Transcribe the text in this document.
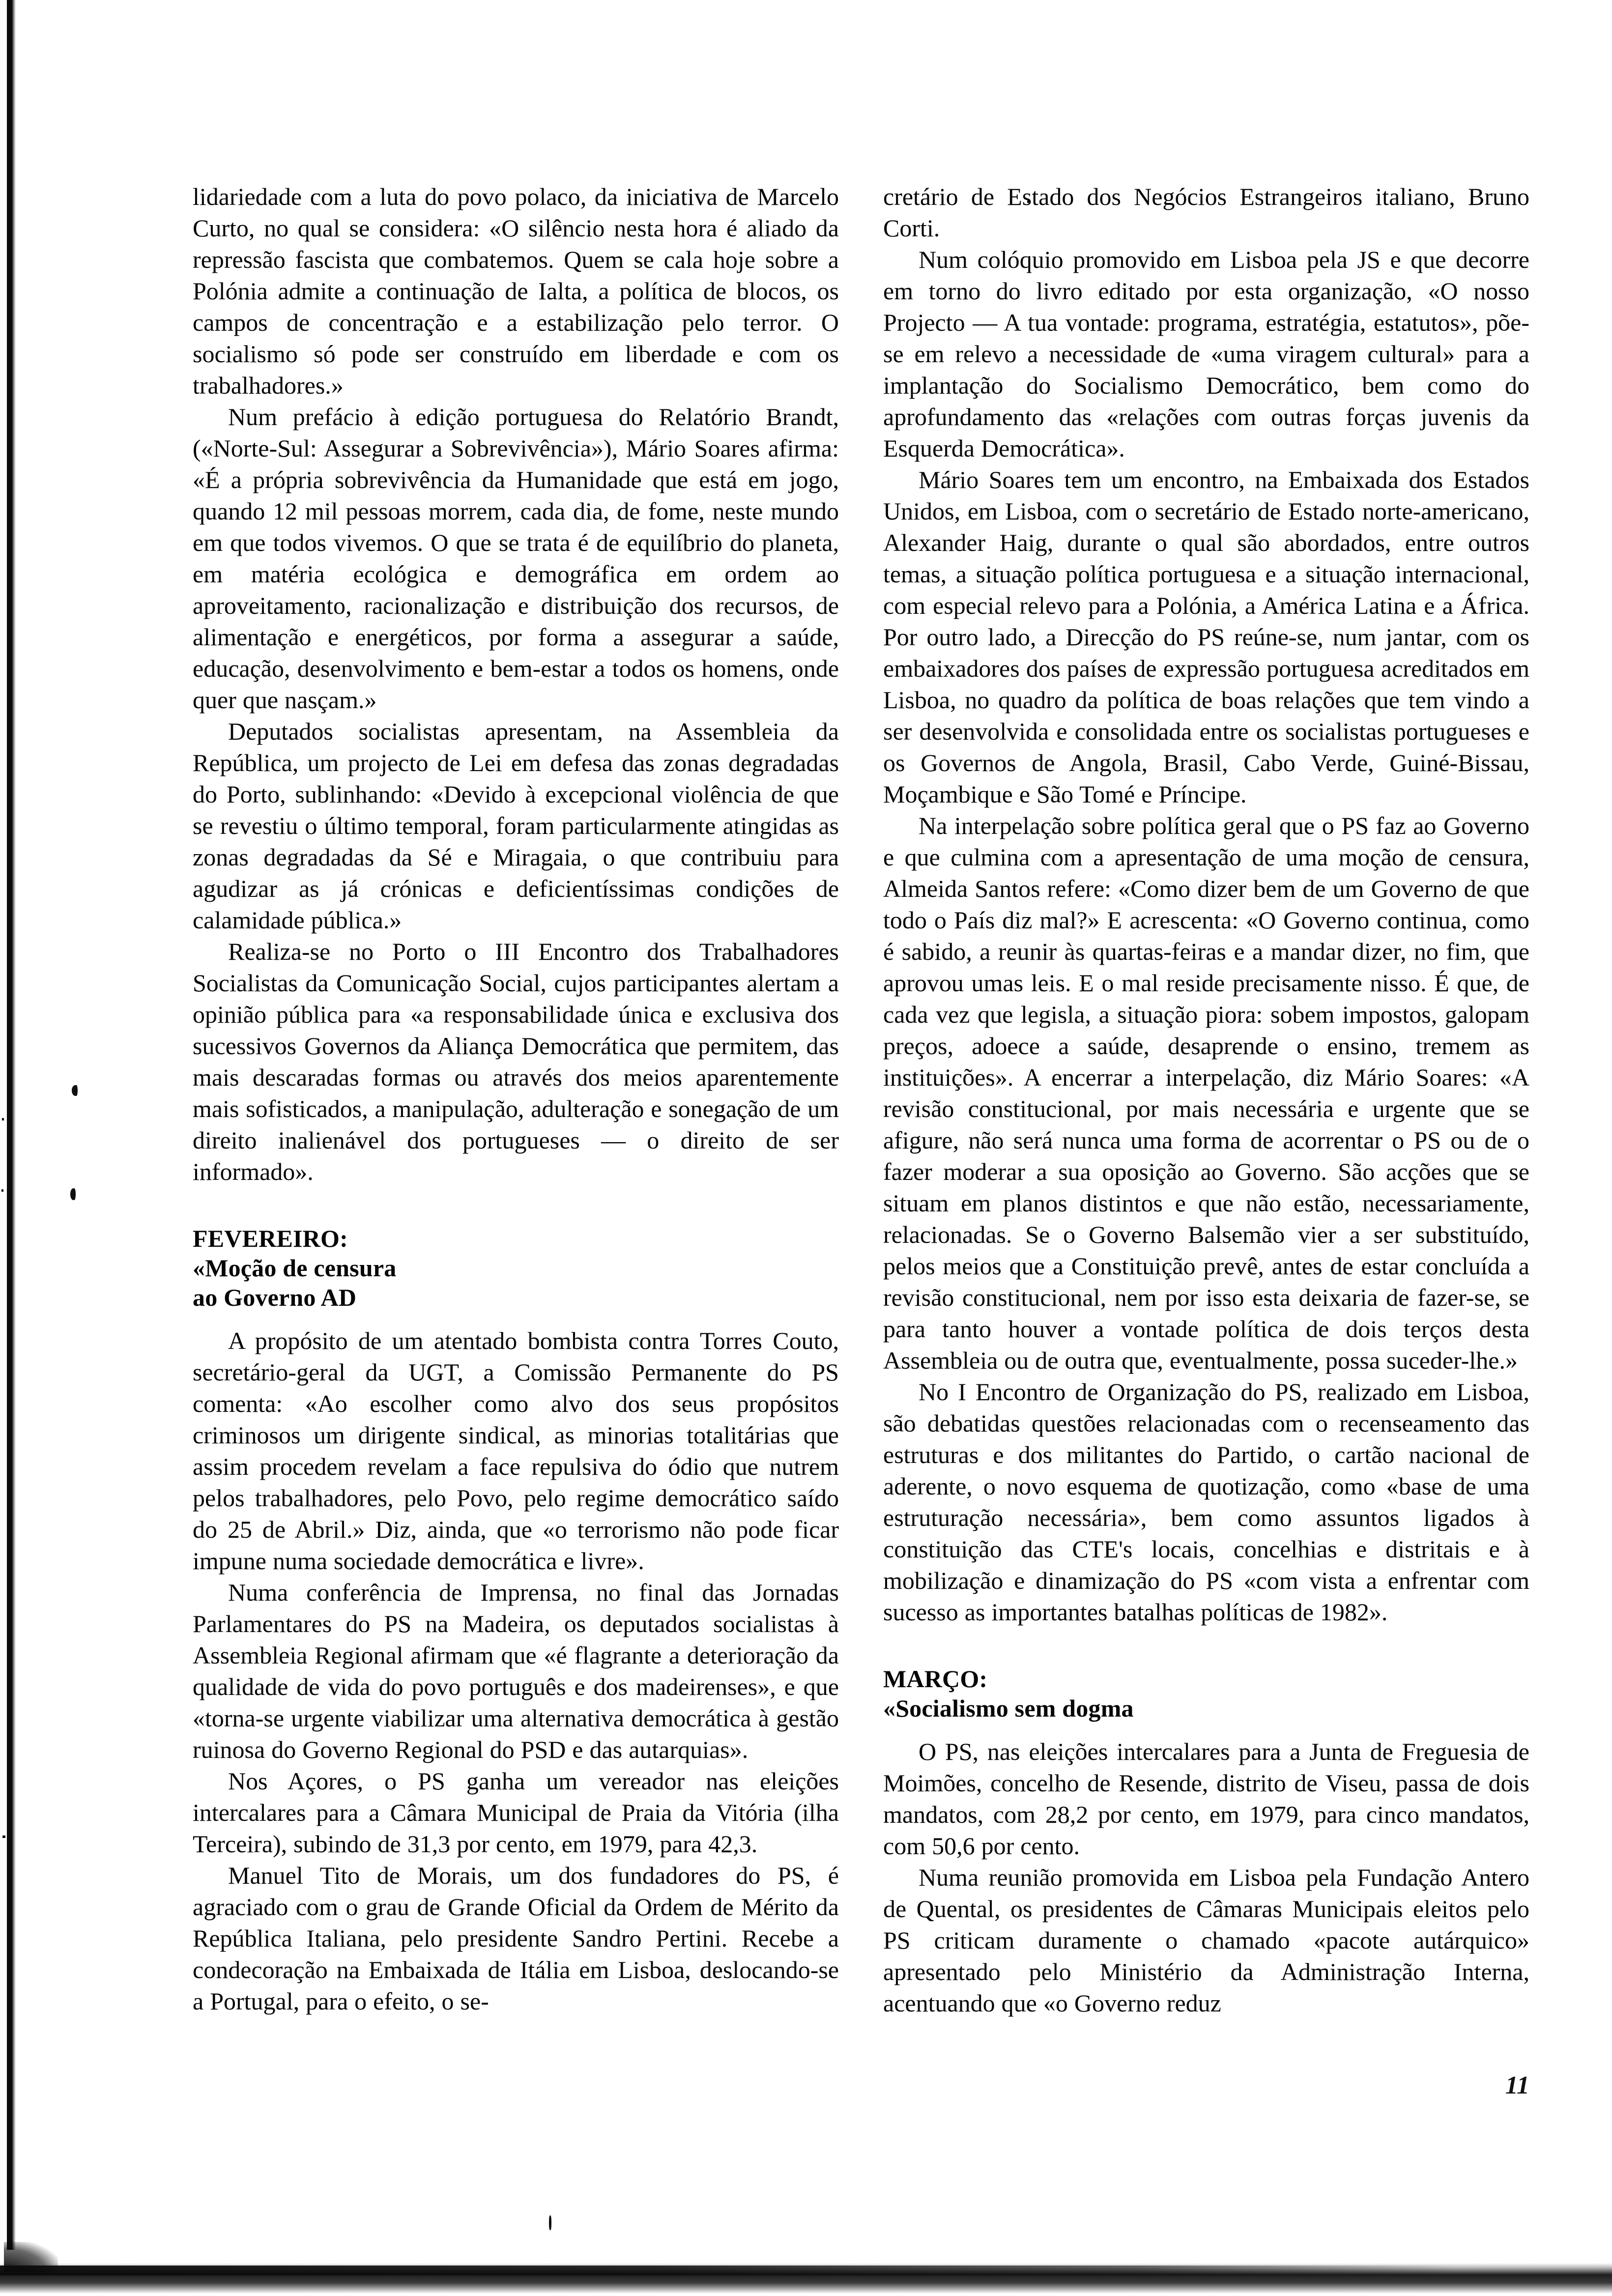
lidariedade com a luta do povo polaco, da iniciativa de Marcelo Curto, no qual se considera: «O silêncio nesta hora é aliado da repressão fascista que combatemos. Quem se cala hoje sobre a Polónia admite a continuação de Ialta, a política de blocos, os campos de concentração e a estabilização pelo terror. O socialismo só pode ser construído em liberdade e com os trabalhadores.»

Num prefácio à edição portuguesa do Relatório Brandt, («Norte-Sul: Assegurar a Sobrevivência»), Mário Soares afirma: «É a própria sobrevivência da Humanidade que está em jogo, quando 12 mil pessoas morrem, cada dia, de fome, neste mundo em que todos vivemos. O que se trata é de equilíbrio do planeta, em matéria ecológica e demográfica em ordem ao aproveitamento, racionalização e distribuição dos recursos, de alimentação e energéticos, por forma a assegurar a saúde, educação, desenvolvimento e bem-estar a todos os homens, onde quer que nasçam.»

Deputados socialistas apresentam, na Assembleia da República, um projecto de Lei em defesa das zonas degradadas do Porto, sublinhando: «Devido à excepcional violência de que se revestiu o último temporal, foram particularmente atingidas as zonas degradadas da Sé e Miragaia, o que contribuiu para agudizar as já crónicas e deficientíssimas condições de calamidade pública.»

Realiza-se no Porto o III Encontro dos Trabalhadores Socialistas da Comunicação Social, cujos participantes alertam a opinião pública para «a responsabilidade única e exclusiva dos sucessivos Governos da Aliança Democrática que permitem, das mais descaradas formas ou através dos meios aparentemente mais sofisticados, a manipulação, adulteração e sonegação de um direito inalienável dos portugueses — o direito de ser informado».

FEVEREIRO:

«Moção de censura

ao Governo AD

A propósito de um atentado bombista contra Torres Couto, secretário-geral da UGT, a Comissão Permanente do PS comenta: «Ao escolher como alvo dos seus propósitos criminosos um dirigente sindical, as minorias totalitárias que assim procedem revelam a face repulsiva do ódio que nutrem pelos trabalhadores, pelo Povo, pelo regime democrático saído do 25 de Abril.» Diz, ainda, que «o terrorismo não pode ficar impune numa sociedade democrática e livre».

Numa conferência de Imprensa, no final das Jornadas Parlamentares do PS na Madeira, os deputados socialistas à Assembleia Regional afirmam que «é flagrante a deterioração da qualidade de vida do povo português e dos madeirenses», e que «torna-se urgente viabilizar uma alternativa democrática à gestão ruinosa do Governo Regional do PSD e das autarquias».

Nos Açores, o PS ganha um vereador nas eleições intercalares para a Câmara Municipal de Praia da Vitória (ilha Terceira), subindo de 31,3 por cento, em 1979, para 42,3.

Manuel Tito de Morais, um dos fundadores do PS, é agraciado com o grau de Grande Oficial da Ordem de Mérito da República Italiana, pelo presidente Sandro Pertini. Recebe a condecoração na Embaixada de Itália em Lisboa, deslocando-se a Portugal, para o efeito, o se-

cretário de Estado dos Negócios Estrangeiros italiano, Bruno Corti.

Num colóquio promovido em Lisboa pela JS e que decorre em torno do livro editado por esta organização, «O nosso Projecto — A tua vontade: programa, estratégia, estatutos», põe-se em relevo a necessidade de «uma viragem cultural» para a implantação do Socialismo Democrático, bem como do aprofundamento das «relações com outras forças juvenis da Esquerda Democrática».

Mário Soares tem um encontro, na Embaixada dos Estados Unidos, em Lisboa, com o secretário de Estado norte-americano, Alexander Haig, durante o qual são abordados, entre outros temas, a situação política portuguesa e a situação internacional, com especial relevo para a Polónia, a América Latina e a África. Por outro lado, a Direcção do PS reúne-se, num jantar, com os embaixadores dos países de expressão portuguesa acreditados em Lisboa, no quadro da política de boas relações que tem vindo a ser desenvolvida e consolidada entre os socialistas portugueses e os Governos de Angola, Brasil, Cabo Verde, Guiné-Bissau, Moçambique e São Tomé e Príncipe.

Na interpelação sobre política geral que o PS faz ao Governo e que culmina com a apresentação de uma moção de censura, Almeida Santos refere: «Como dizer bem de um Governo de que todo o País diz mal?» E acrescenta: «O Governo continua, como é sabido, a reunir às quartas-feiras e a mandar dizer, no fim, que aprovou umas leis. E o mal reside precisamente nisso. É que, de cada vez que legisla, a situação piora: sobem impostos, galopam preços, adoece a saúde, desaprende o ensino, tremem as instituições». A encerrar a interpelação, diz Mário Soares: «A revisão constitucional, por mais necessária e urgente que se afigure, não será nunca uma forma de acorrentar o PS ou de o fazer moderar a sua oposição ao Governo. São acções que se situam em planos distintos e que não estão, necessariamente, relacionadas. Se o Governo Balsemão vier a ser substituído, pelos meios que a Constituição prevê, antes de estar concluída a revisão constitucional, nem por isso esta deixaria de fazer-se, se para tanto houver a vontade política de dois terços desta Assembleia ou de outra que, eventualmente, possa suceder-lhe.»

No I Encontro de Organização do PS, realizado em Lisboa, são debatidas questões relacionadas com o recenseamento das estruturas e dos militantes do Partido, o cartão nacional de aderente, o novo esquema de quotização, como «base de uma estruturação necessária», bem como assuntos ligados à constituição das CTE's locais, concelhias e distritais e à mobilização e dinamização do PS «com vista a enfrentar com sucesso as importantes batalhas políticas de 1982».

MARÇO:

«Socialismo sem dogma

O PS, nas eleições intercalares para a Junta de Freguesia de Moimões, concelho de Resende, distrito de Viseu, passa de dois mandatos, com 28,2 por cento, em 1979, para cinco mandatos, com 50,6 por cento.

Numa reunião promovida em Lisboa pela Fundação Antero de Quental, os presidentes de Câmaras Municipais eleitos pelo PS criticam duramente o chamado «pacote autárquico» apresentado pelo Ministério da Administração Interna, acentuando que «o Governo reduz

11
